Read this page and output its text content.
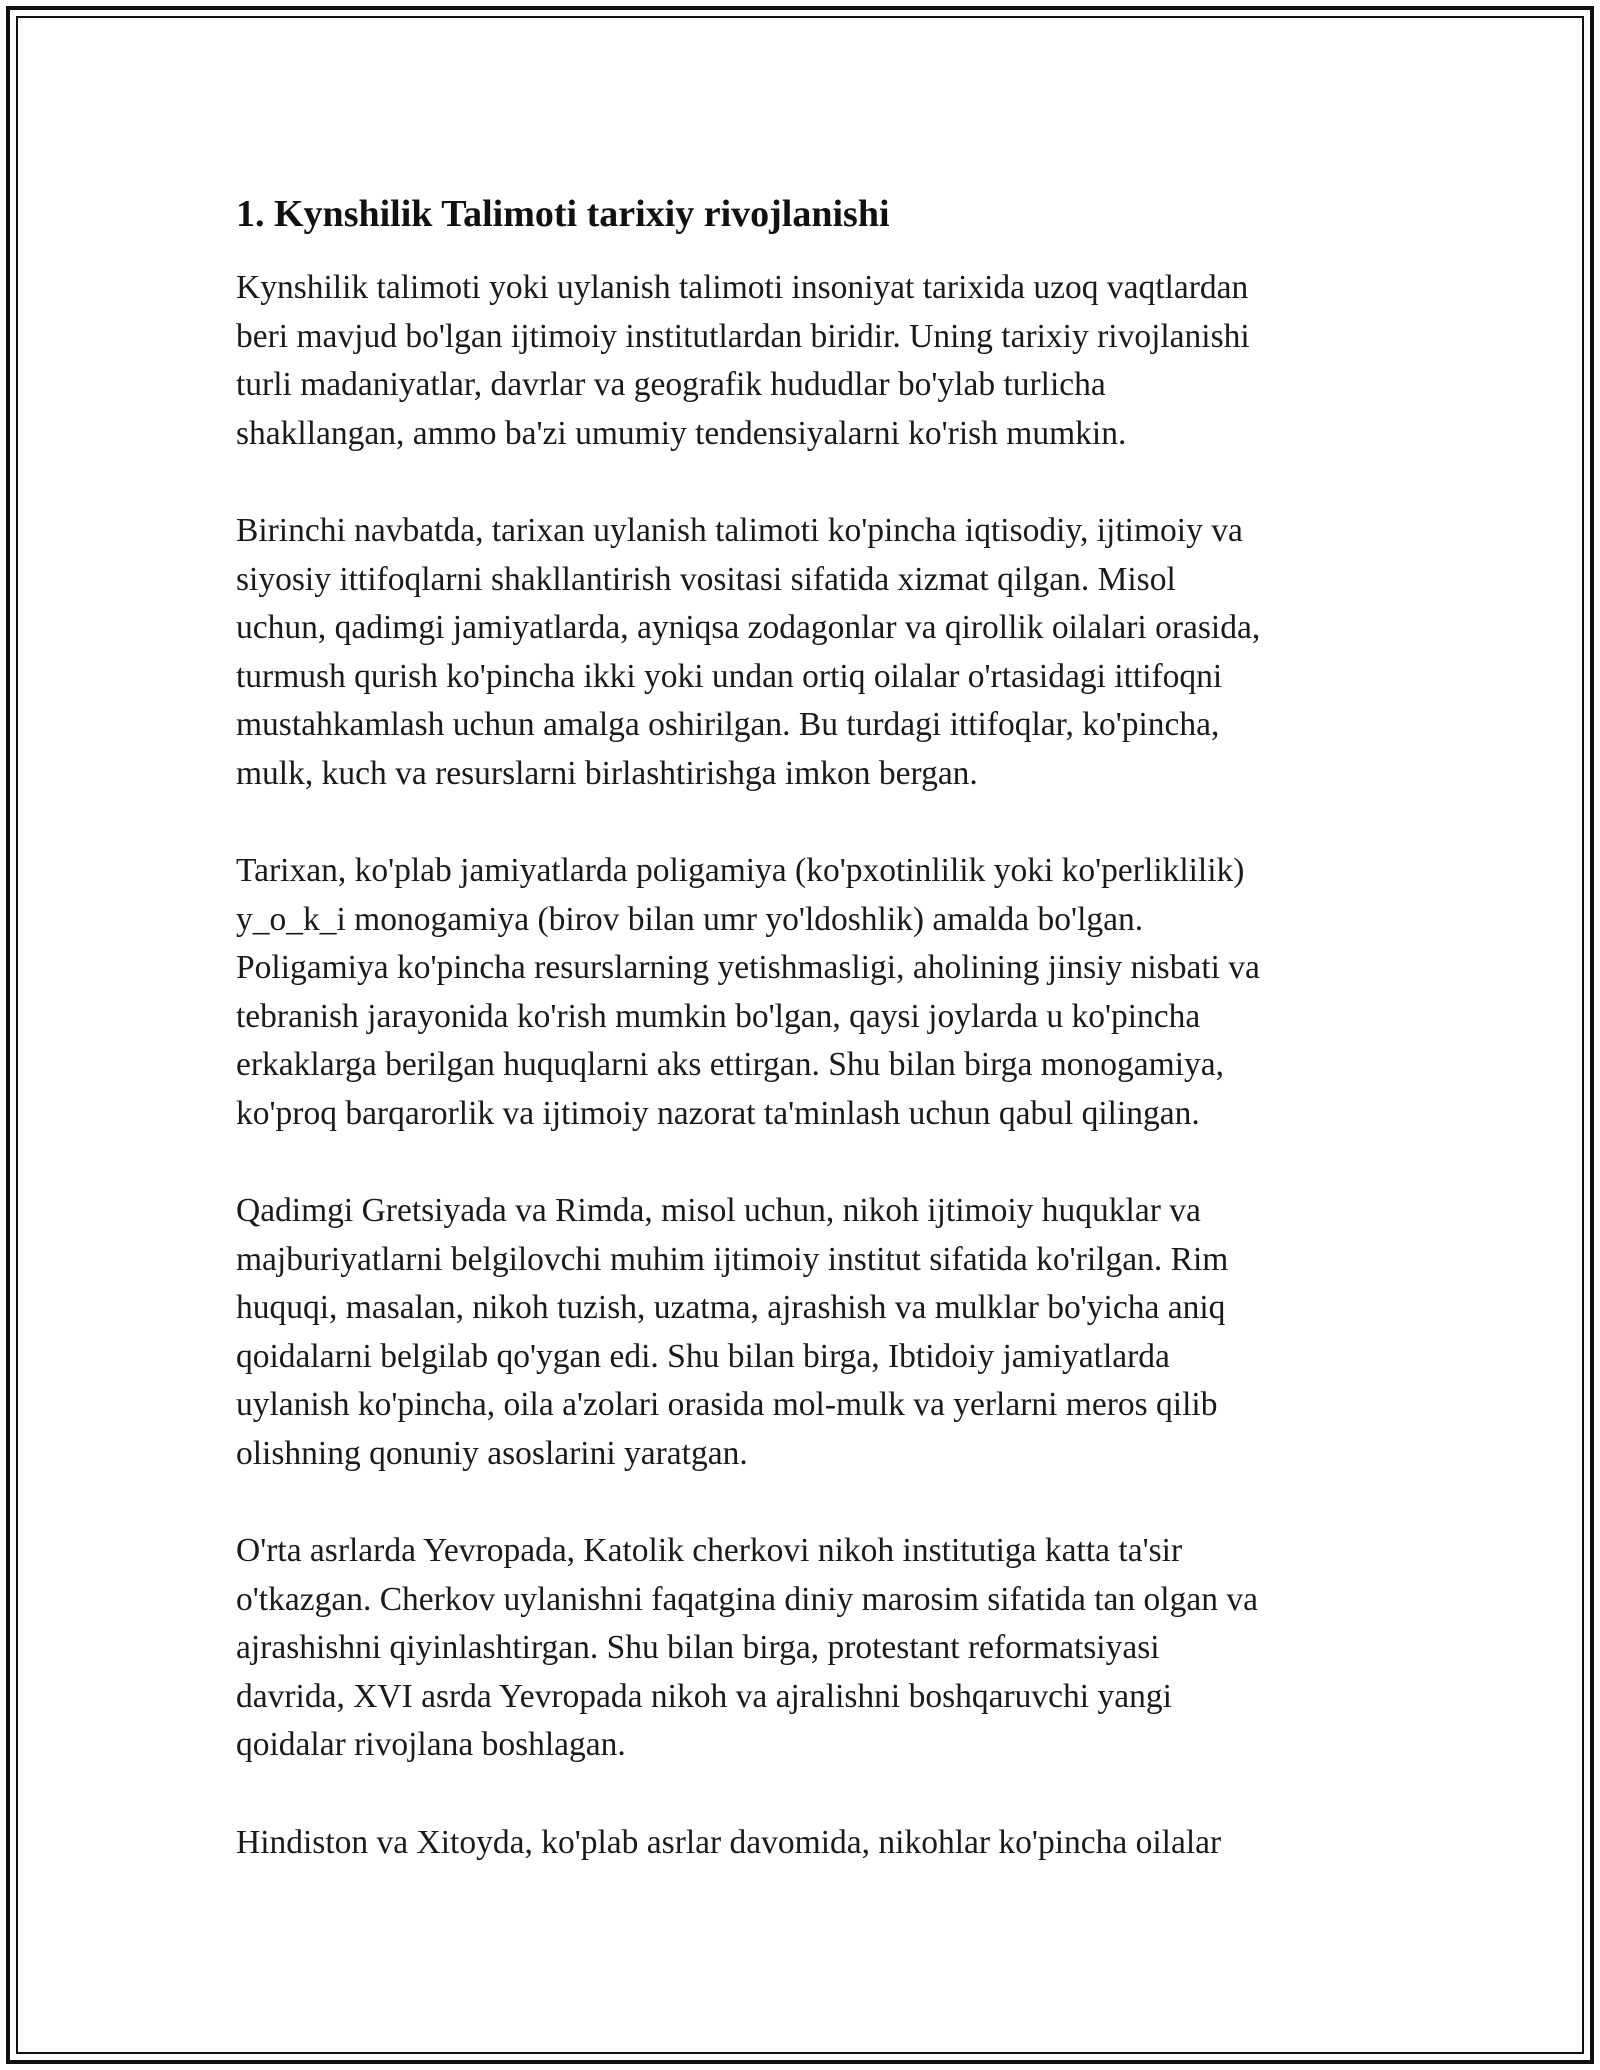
1. Kynshilik Talimoti tarixiy rivojlanishi

Kynshilik talimoti yoki uylanish talimoti insoniyat tarixida uzoq vaqtlardan
beri mavjud bo'lgan ijtimoiy institutlardan biridir. Uning tarixiy rivojlanishi
turli madaniyatlar, davrlar va geografik hududlar bo'ylab turlicha
shakllangan, ammo ba'zi umumiy tendensiyalarni ko'rish mumkin.

Birinchi navbatda, tarixan uylanish talimoti ko'pincha iqtisodiy, ijtimoiy va
siyosiy ittifoqlarni shakllantirish vositasi sifatida xizmat qilgan. Misol
uchun, qadimgi jamiyatlarda, ayniqsa zodagonlar va qirollik oilalari orasida,
turmush qurish ko'pincha ikki yoki undan ortiq oilalar o'rtasidagi ittifoqni
mustahkamlash uchun amalga oshirilgan. Bu turdagi ittifoqlar, ko'pincha,
mulk, kuch va resurslarni birlashtirishga imkon bergan.

Tarixan, ko'plab jamiyatlarda poligamiya (ko'pxotinlilik yoki ko'perliklilik)
y_o_k_i monogamiya (birov bilan umr yo'ldoshlik) amalda bo'lgan.
Poligamiya ko'pincha resurslarning yetishmasligi, aholining jinsiy nisbati va
tebranish jarayonida ko'rish mumkin bo'lgan, qaysi joylarda u ko'pincha
erkaklarga berilgan huquqlarni aks ettirgan. Shu bilan birga monogamiya,
ko'proq barqarorlik va ijtimoiy nazorat ta'minlash uchun qabul qilingan.

Qadimgi Gretsiyada va Rimda, misol uchun, nikoh ijtimoiy huquklar va
majburiyatlarni belgilovchi muhim ijtimoiy institut sifatida ko'rilgan. Rim
huquqi, masalan, nikoh tuzish, uzatma, ajrashish va mulklar bo'yicha aniq
qoidalarni belgilab qo'ygan edi. Shu bilan birga, Ibtidoiy jamiyatlarda
uylanish ko'pincha, oila a'zolari orasida mol-mulk va yerlarni meros qilib
olishning qonuniy asoslarini yaratgan.

O'rta asrlarda Yevropada, Katolik cherkovi nikoh institutiga katta ta'sir
o'tkazgan. Cherkov uylanishni faqatgina diniy marosim sifatida tan olgan va
ajrashishni qiyinlashtirgan. Shu bilan birga, protestant reformatsiyasi
davrida, XVI asrda Yevropada nikoh va ajralishni boshqaruvchi yangi
qoidalar rivojlana boshlagan.

Hindiston va Xitoyda, ko'plab asrlar davomida, nikohlar ko'pincha oilalar
